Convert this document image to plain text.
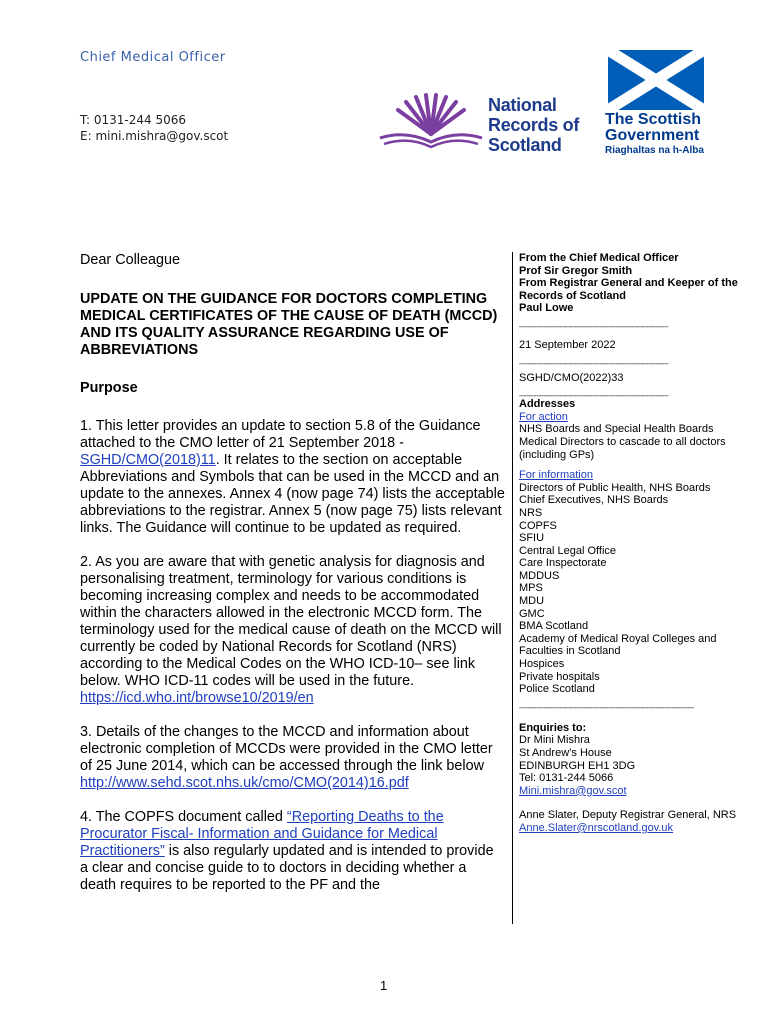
Chief Medical Officer
T: 0131-244 5066
E: mini.mishra@gov.scot
National
Records of
Scotland
The Scottish
Government
Riaghaltas na h-Alba

Dear Colleague

UPDATE ON THE GUIDANCE FOR DOCTORS COMPLETING MEDICAL CERTIFICATES OF THE CAUSE OF DEATH (MCCD) AND ITS QUALITY ASSURANCE REGARDING USE OF ABBREVIATIONS

Purpose

1. This letter provides an update to section 5.8 of the Guidance attached to the CMO letter of 21 September 2018 - SGHD/CMO(2018)11. It relates to the section on acceptable Abbreviations and Symbols that can be used in the MCCD and an update to the annexes. Annex 4 (now page 74) lists the acceptable abbreviations to the registrar. Annex 5 (now page 75) lists relevant links. The Guidance will continue to be updated as required.

2. As you are aware that with genetic analysis for diagnosis and personalising treatment, terminology for various conditions is becoming increasing complex and needs to be accommodated within the characters allowed in the electronic MCCD form. The terminology used for the medical cause of death on the MCCD will currently be coded by National Records for Scotland (NRS) according to the Medical Codes on the WHO ICD-10– see link below. WHO ICD-11 codes will be used in the future.
https://icd.who.int/browse10/2019/en

3. Details of the changes to the MCCD and information about electronic completion of MCCDs were provided in the CMO letter of 25 June 2014, which can be accessed through the link below
http://www.sehd.scot.nhs.uk/cmo/CMO(2014)16.pdf

4. The COPFS document called “Reporting Deaths to the Procurator Fiscal- Information and Guidance for Medical Practitioners” is also regularly updated and is intended to provide a clear and concise guide to to doctors in deciding whether a death requires to be reported to the PF and the

From the Chief Medical Officer
Prof Sir Gregor Smith
From Registrar General and Keeper of the Records of Scotland
Paul Lowe
_____________________________
21 September 2022
_____________________________
SGHD/CMO(2022)33
_____________________________
Addresses
For action
NHS Boards and Special Health Boards
Medical Directors to cascade to all doctors (including GPs)
For information
Directors of Public Health, NHS Boards
Chief Executives, NHS Boards
NRS
COPFS
SFIU
Central Legal Office
Care Inspectorate
MDDUS
MPS
MDU
GMC
BMA Scotland
Academy of Medical Royal Colleges and Faculties in Scotland
Hospices
Private hospitals
Police Scotland
__________________________________
Enquiries to:
Dr Mini Mishra
St Andrew’s House
EDINBURGH EH1 3DG
Tel: 0131-244 5066
Mini.mishra@gov.scot
Anne Slater, Deputy Registrar General, NRS
Anne.Slater@nrscotland.gov.uk
1
